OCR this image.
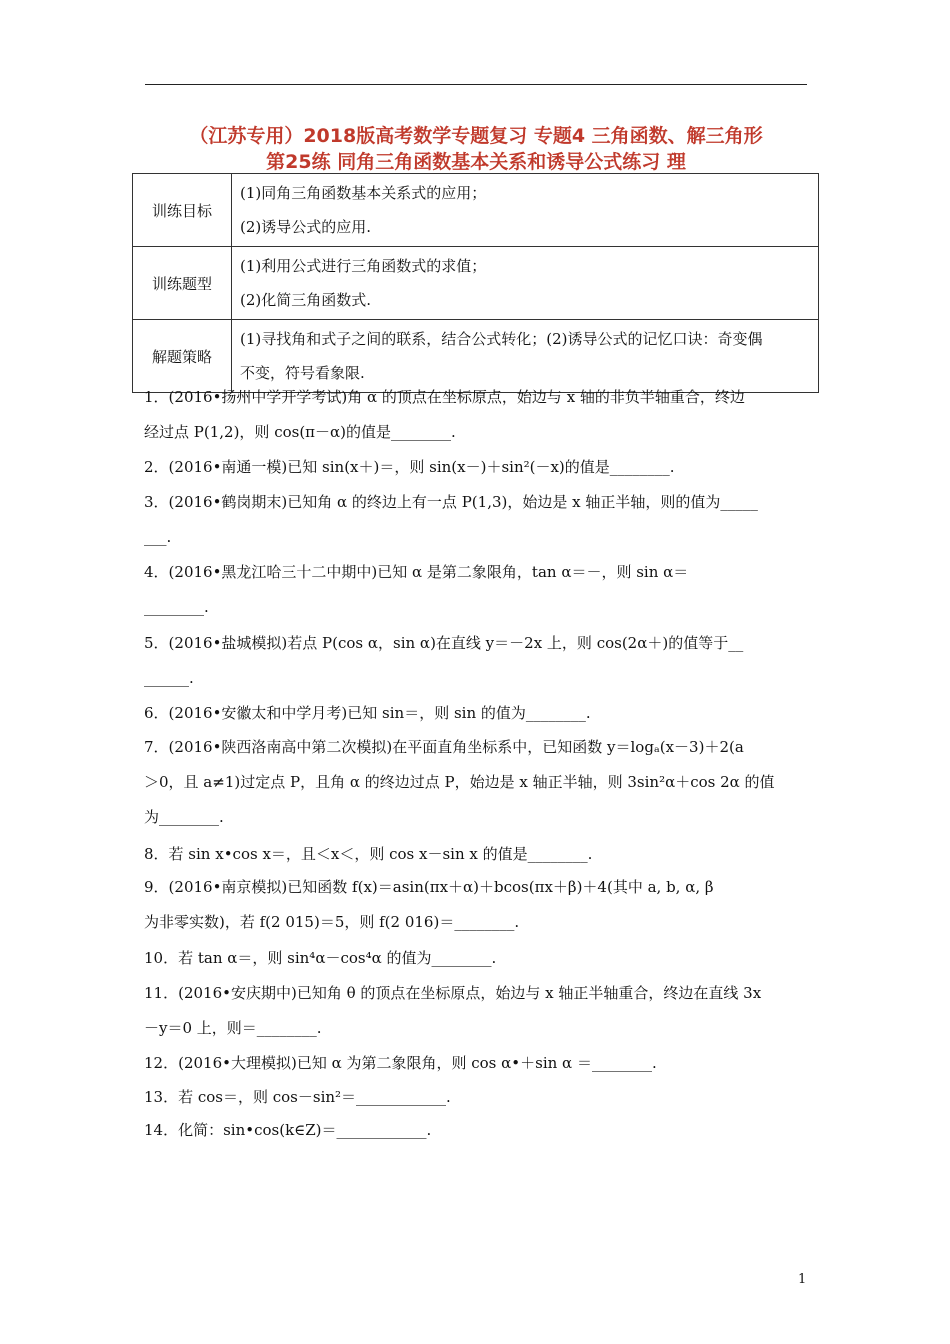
（江苏专用）2018版高考数学专题复习 专题4 三角函数、解三角形
第25练 同角三角函数基本关系和诱导公式练习 理
训练目标	(1)同角三角函数基本关系式的应用；
(2)诱导公式的应用.

训练题型	(1)利用公式进行三角函数式的求值；
(2)化简三角函数式.

解题策略	(1)寻找角和式子之间的联系，结合公式转化；(2)诱导公式的记忆口诀：奇变偶
不变，符号看象限.
1．(2016•扬州中学开学考试)角 α 的顶点在坐标原点，始边与 x 轴的非负半轴重合，终边
经过点 P(1,2)，则 cos(π－α)的值是________.
2．(2016•南通一模)已知 sin(x＋)＝，则 sin(x－)＋sin²(－x)的值是________.
3．(2016•鹤岗期末)已知角 α 的终边上有一点 P(1,3)，始边是 x 轴正半轴，则的值为_____
___.
4．(2016•黑龙江哈三十二中期中)已知 α 是第二象限角，tan α＝－，则 sin α＝
________.
5．(2016•盐城模拟)若点 P(cos α，sin α)在直线 y＝－2x 上，则 cos(2α＋)的值等于__
______.
6．(2016•安徽太和中学月考)已知 sin＝，则 sin 的值为________.
7．(2016•陕西洛南高中第二次模拟)在平面直角坐标系中，已知函数 y＝logₐ(x－3)＋2(a
＞0，且 a≠1)过定点 P，且角 α 的终边过点 P，始边是 x 轴正半轴，则 3sin²α＋cos 2α 的值
为________.
8．若 sin x•cos x＝，且＜x＜，则 cos x－sin x 的值是________.
9．(2016•南京模拟)已知函数 f(x)＝asin(πx＋α)＋bcos(πx＋β)＋4(其中 a, b, α, β
为非零实数)，若 f(2 015)＝5，则 f(2 016)＝________.
10．若 tan α＝，则 sin⁴α－cos⁴α 的值为________.
11．(2016•安庆期中)已知角 θ 的顶点在坐标原点，始边与 x 轴正半轴重合，终边在直线 3x
－y＝0 上，则＝________.
12．(2016•大理模拟)已知 α 为第二象限角，则 cos α•＋sin α ＝________.
13．若 cos＝，则 cos－sin²＝____________.
14．化简：sin•cos(k∈Z)＝____________.
1
